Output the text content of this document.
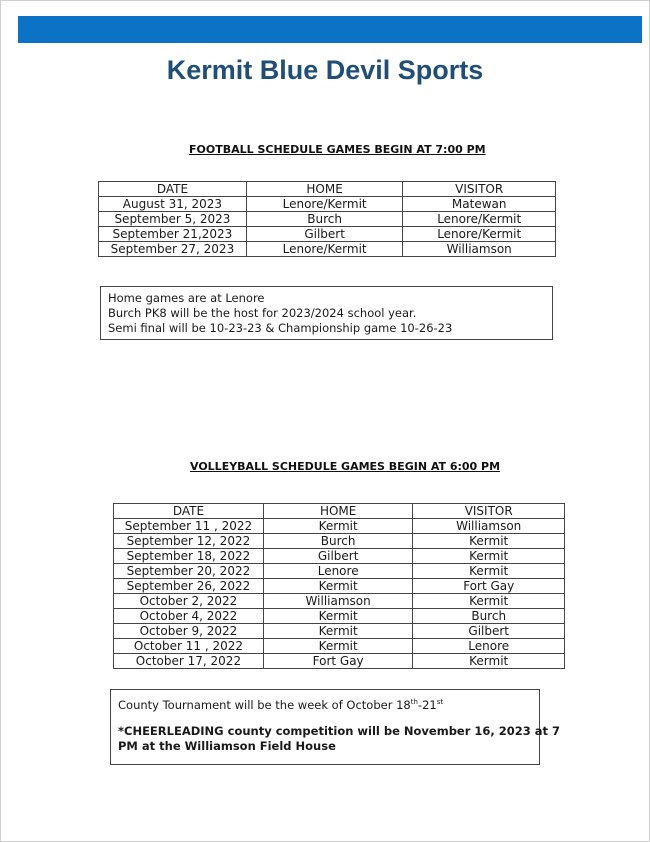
Kermit Blue Devil Sports
FOOTBALL SCHEDULE GAMES BEGIN AT 7:00 PM
DATE	HOME	VISITOR
August 31, 2023	Lenore/Kermit	Matewan
September 5, 2023	Burch	Lenore/Kermit
September 21,2023	Gilbert	Lenore/Kermit
September 27, 2023	Lenore/Kermit	Williamson
Home games are at Lenore
Burch PK8 will be the host for 2023/2024 school year.
Semi final will be 10-23-23 & Championship game 10-26-23
VOLLEYBALL SCHEDULE GAMES BEGIN AT 6:00 PM
DATE	HOME	VISITOR
September 11 , 2022	Kermit	Williamson
September 12, 2022	Burch	Kermit
September 18, 2022	Gilbert	Kermit
September 20, 2022	Lenore	Kermit
September 26, 2022	Kermit	Fort Gay
October 2, 2022	Williamson	Kermit
October 4, 2022	Kermit	Burch
October 9, 2022	Kermit	Gilbert
October 11 , 2022	Kermit	Lenore
October 17, 2022	Fort Gay	Kermit
County Tournament will be the week of October 18th-21st
*CHEERLEADING county competition will be November 16, 2023 at 7
PM at the Williamson Field House
